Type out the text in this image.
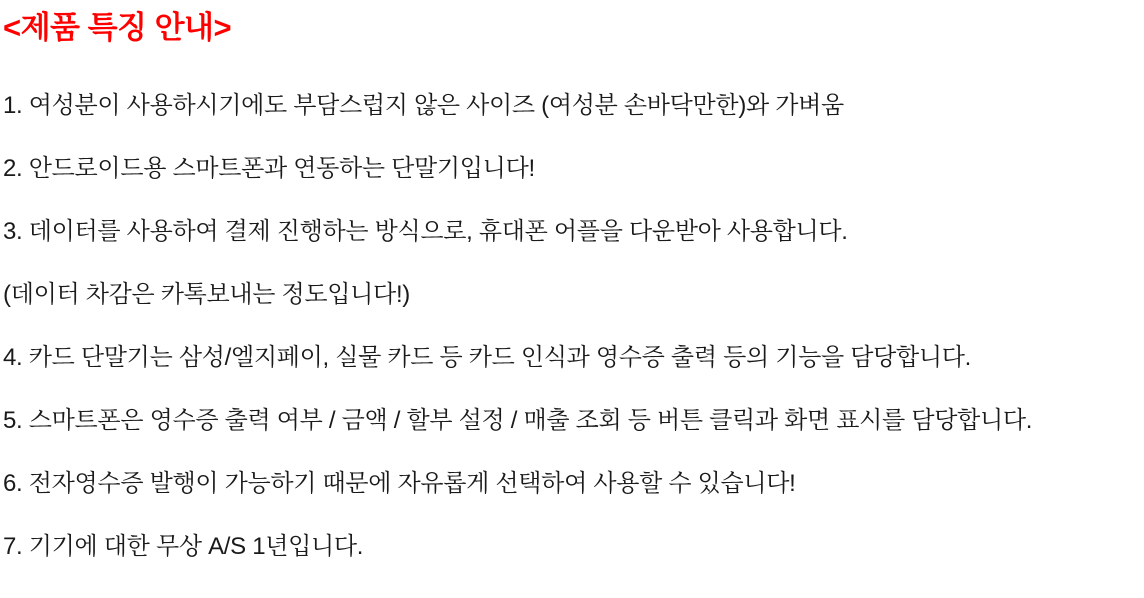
<제품 특징 안내>

1. 여성분이 사용하시기에도 부담스럽지 않은 사이즈 (여성분 손바닥만한)와 가벼움

2. 안드로이드용 스마트폰과 연동하는 단말기입니다!

3. 데이터를 사용하여 결제 진행하는 방식으로, 휴대폰 어플을 다운받아 사용합니다.

(데이터 차감은 카톡보내는 정도입니다!)

4. 카드 단말기는 삼성/엘지페이, 실물 카드 등 카드 인식과 영수증 출력 등의 기능을 담당합니다.

5. 스마트폰은 영수증 출력 여부 / 금액 / 할부 설정 / 매출 조회 등 버튼 클릭과 화면 표시를 담당합니다.

6. 전자영수증 발행이 가능하기 때문에 자유롭게 선택하여 사용할 수 있습니다!

7. 기기에 대한 무상 A/S 1년입니다.
